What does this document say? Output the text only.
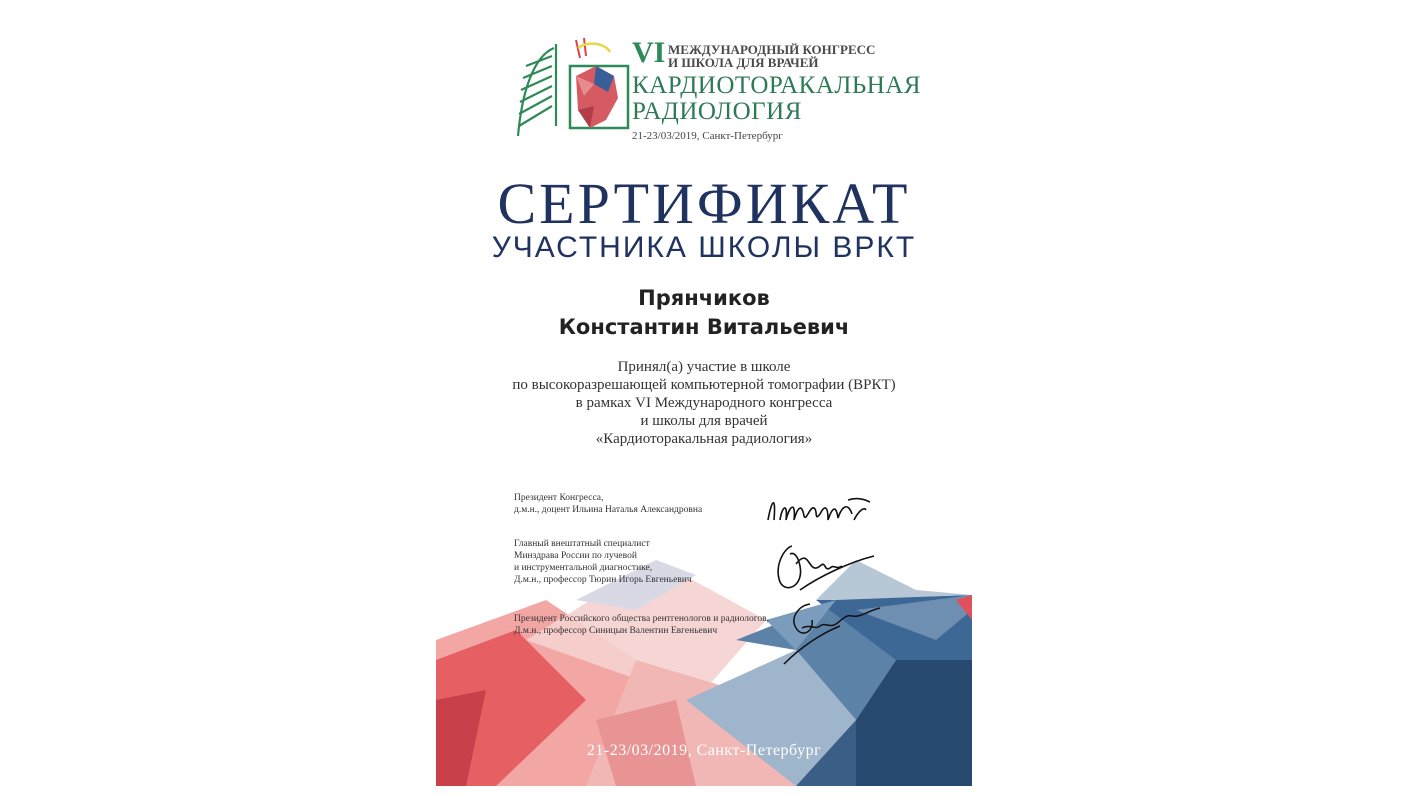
VI МЕЖДУНАРОДНЫЙ КОНГРЕСС
И ШКОЛА ДЛЯ ВРАЧЕЙ
КАРДИОТОРАКАЛЬНАЯ
РАДИОЛОГИЯ
21-23/03/2019, Санкт-Петербург
СЕРТИФИКАТ
УЧАСТНИКА ШКОЛЫ ВРКТ
Прянчиков
Константин Витальевич
Принял(а) участие в школе
по высокоразрешающей компьютерной томографии (ВРКТ)
в рамках VI Международного конгресса
и школы для врачей
«Кардиоторакальная радиология»
Президент Конгресса,
д.м.н., доцент Ильина Наталья Александровна
Главный внештатный специалист
Минздрава России по лучевой
и инструментальной диагностике,
Д.м.н., профессор Тюрин Игорь Евгеньевич
Президент Российского общества рентгенологов и радиологов,
Д.м.н., профессор Синицын Валентин Евгеньевич
21-23/03/2019, Санкт-Петербург
